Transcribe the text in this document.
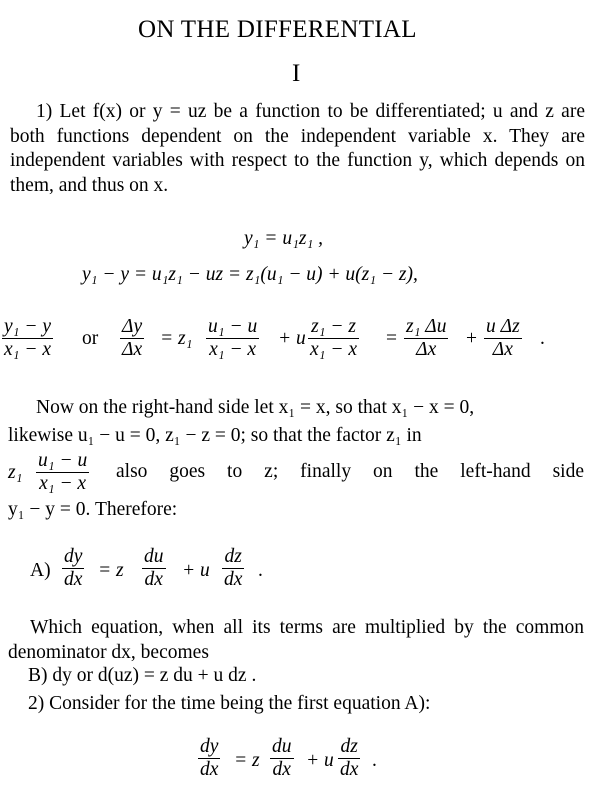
ON THE DIFFERENTIAL
I
1) Let f(x) or y = uz be a function to be differentiated; u and z are both functions dependent on the independent variable x. They are independent variables with respect to the function y, which depends on them, and thus on x.
y₁ = u₁z₁ ,
y₁ − y = u₁z₁ − uz = z₁(u₁ − u) + u(z₁ − z),
$\frac{\text{y₁ − y}}{\text{x₁ − x}}$ or $\frac{\Delta y}{\Delta x} = z_1 \frac{\text{u₁ − u}}{\text{x₁ − x}} + u \frac{\text{z₁ − z}}{\text{x₁ − x}} = \frac{\text{z₁ Δu}}{\Delta x} + \frac{\text{u Δz}}{\Delta x}$ .
Now on the right-hand side let x₁ = x, so that x₁ − x = 0,
likewise u₁ − u = 0, z₁ − z = 0; so that the factor z₁ in
$z_1 \frac{\text{u₁ − u}}{\text{x₁ − x}}$ also goes to z; finally on the left-hand side
y₁ − y = 0. Therefore:
$A) \frac{dy}{dx} = z \frac{du}{dx} + u \frac{dz}{dx}$ .
Which equation, when all its terms are multiplied by the common denominator dx, becomes
B) dy or d(uz) = z du + u dz .
2) Consider for the time being the first equation A):
$\frac{dy}{dx} = z \frac{du}{dx} + u \frac{dz}{dx}$ .
